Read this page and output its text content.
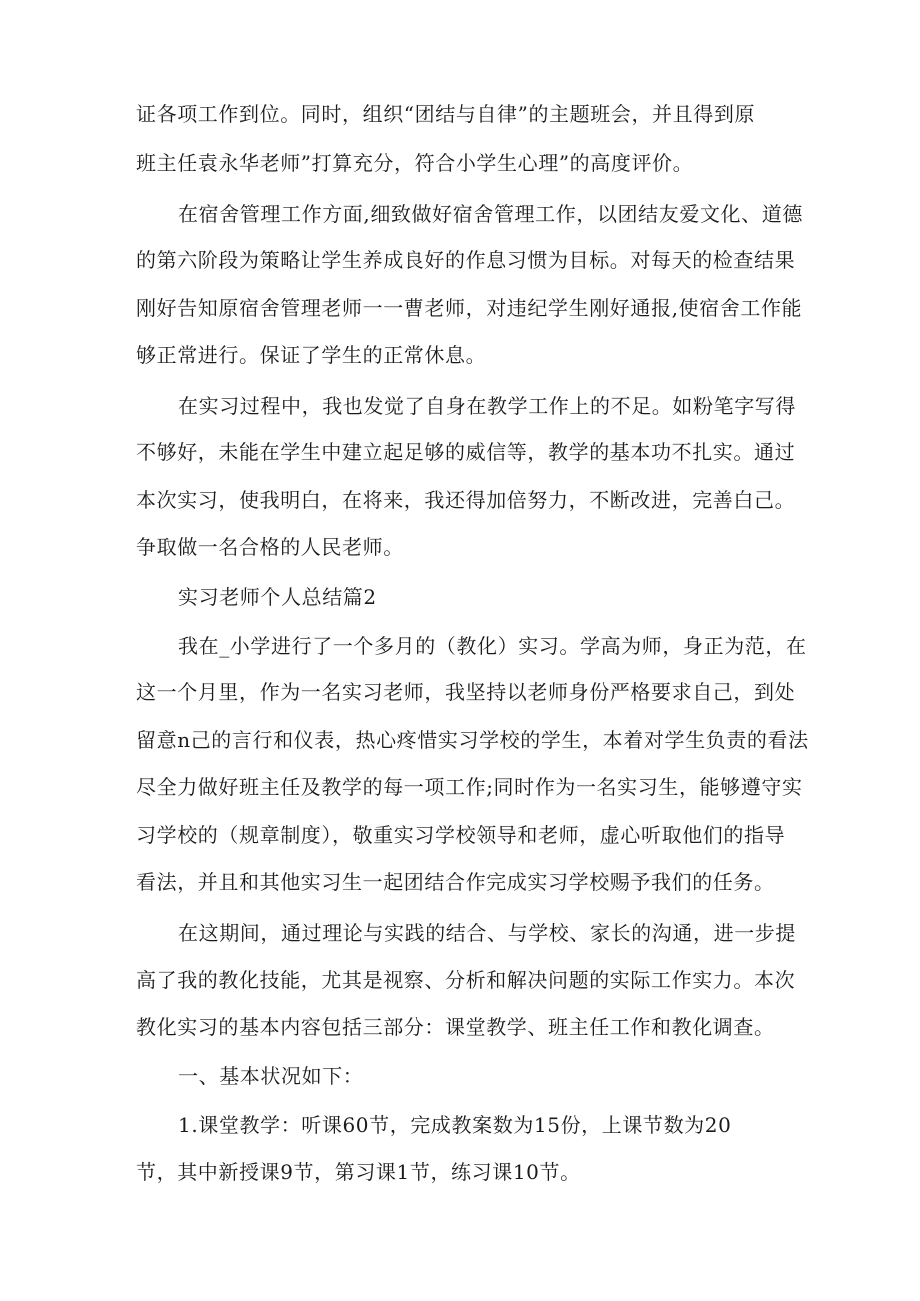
证各项工作到位。同时，组织“团结与自律”的主题班会，并且得到原
班主任袁永华老师”打算充分，符合小学生心理”的高度评价。
在宿舍管理工作方面,细致做好宿舍管理工作，以团结友爱文化、道德
的第六阶段为策略让学生养成良好的作息习惯为目标。对每天的检查结果
刚好告知原宿舍管理老师一一曹老师，对违纪学生刚好通报,使宿舍工作能
够正常进行。保证了学生的正常休息。
在实习过程中，我也发觉了自身在教学工作上的不足。如粉笔字写得
不够好，未能在学生中建立起足够的威信等，教学的基本功不扎实。通过
本次实习，使我明白，在将来，我还得加倍努力，不断改进，完善白己。
争取做一名合格的人民老师。
实习老师个人总结篇2
我在_小学进行了一个多月的（教化）实习。学高为师，身正为范，在
这一个月里，作为一名实习老师，我坚持以老师身份严格要求自己，到处
留意n己的言行和仪表，热心疼惜实习学校的学生，本着对学生负责的看法
尽全力做好班主任及教学的每一项工作;同时作为一名实习生，能够遵守实
习学校的（规章制度），敬重实习学校领导和老师，虚心听取他们的指导
看法，并且和其他实习生一起团结合作完成实习学校赐予我们的任务。
在这期间，通过理论与实践的结合、与学校、家长的沟通，进一步提
高了我的教化技能，尤其是视察、分析和解决问题的实际工作实力。本次
教化实习的基本内容包括三部分：课堂教学、班主任工作和教化调查。
一、基本状况如下：
1.课堂教学：听课60节，完成教案数为15份，上课节数为20
节，其中新授课9节，第习课1节，练习课10节。
